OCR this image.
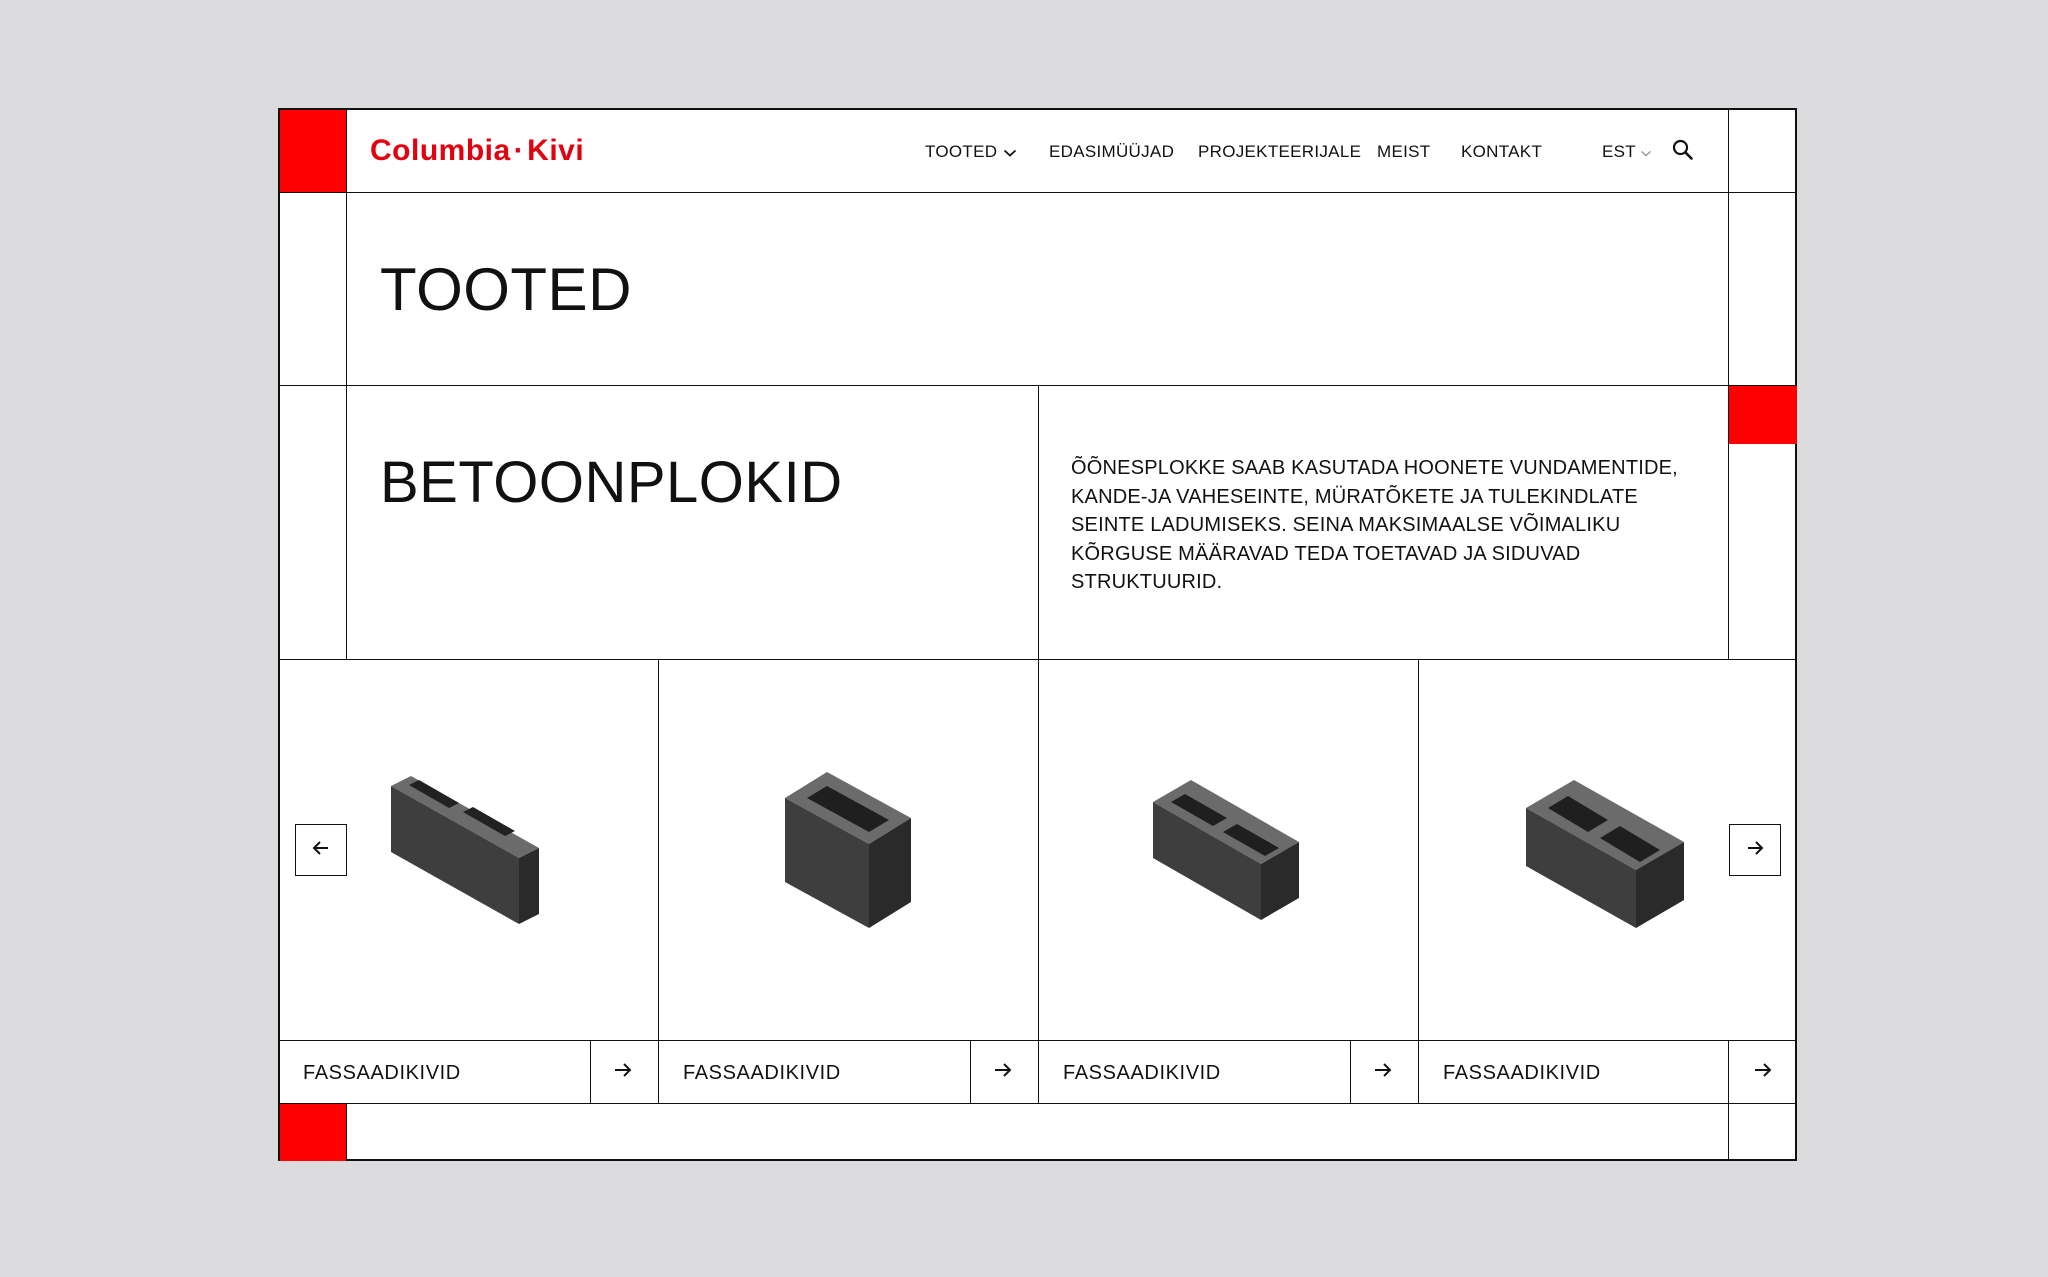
Columbia · Kivi	TOOTED	EDASIMÜÜJAD PROJEKTEERIJALE MEIST KONTAKT	EST
TOOTED
BETOONPLOKID	ÕÕNESPLOKKE SAAB KASUTADA HOONETE VUNDAMENTIDE, KANDE-JA VAHESEINTE, MÜRATÕKETE JA TULEKINDLATE SEINTE LADUMISEKS. SEINA MAKSIMAALSE VÕIMALIKU KÕRGUSE MÄÄRAVAD TEDA TOETAVAD JA SIDUVAD STRUKTUURID.

FASSAADIKIVID	FASSAADIKIVID	FASSAADIKIVID	FASSAADIKIVID
